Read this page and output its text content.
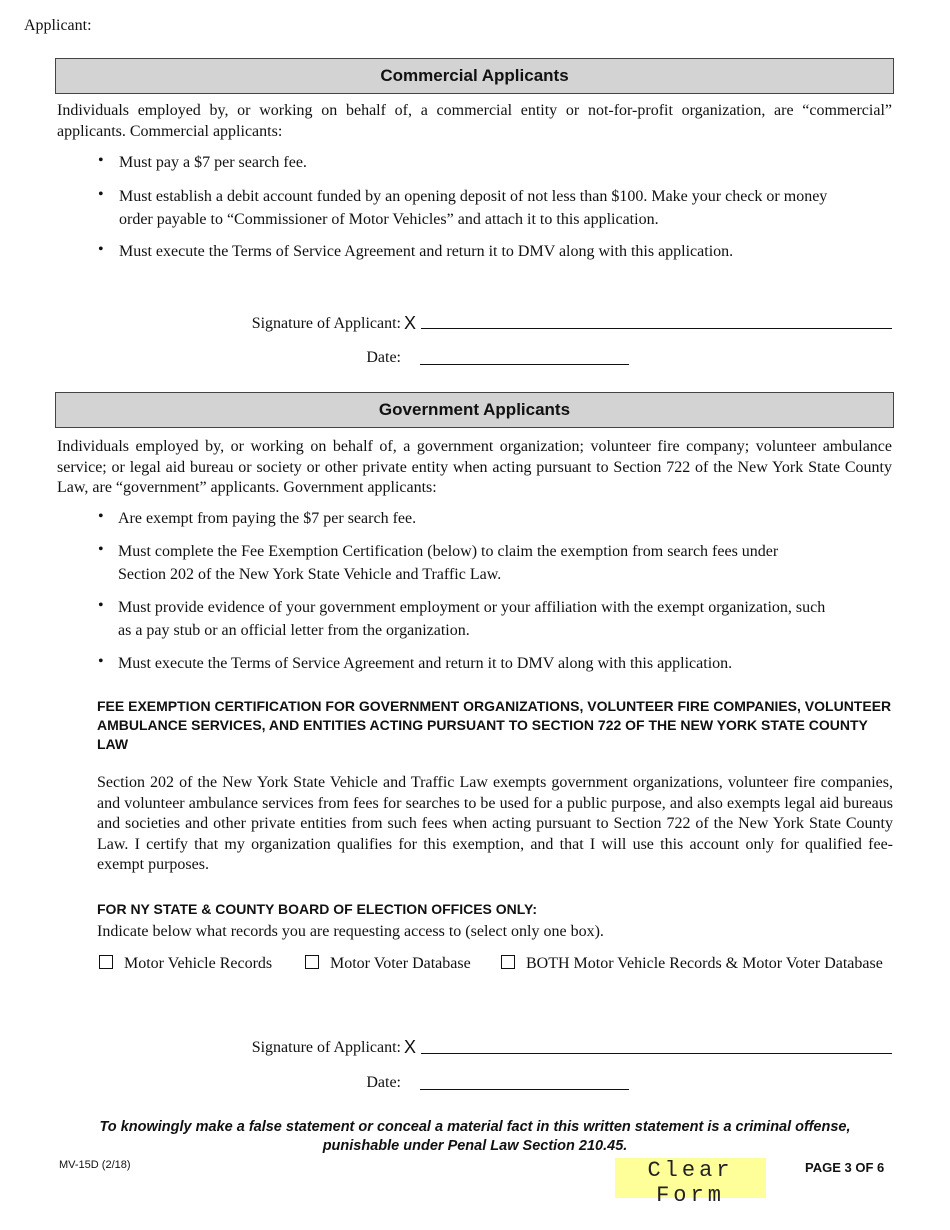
Applicant:
Commercial Applicants
Individuals employed by, or working on behalf of, a commercial entity or not-for-profit organization, are “commercial” applicants. Commercial applicants:
• Must pay a $7 per search fee.
• Must establish a debit account funded by an opening deposit of not less than $100. Make your check or money
order payable to “Commissioner of Motor Vehicles” and attach it to this application.
• Must execute the Terms of Service Agreement and return it to DMV along with this application.
Signature of Applicant: X
Date:
Government Applicants
Individuals employed by, or working on behalf of, a government organization; volunteer fire company; volunteer ambulance service; or legal aid bureau or society or other private entity when acting pursuant to Section 722 of the New York State County Law, are “government” applicants. Government applicants:
• Are exempt from paying the $7 per search fee.
• Must complete the Fee Exemption Certification (below) to claim the exemption from search fees under
Section 202 of the New York State Vehicle and Traffic Law.
• Must provide evidence of your government employment or your affiliation with the exempt organization, such
as a pay stub or an official letter from the organization.
• Must execute the Terms of Service Agreement and return it to DMV along with this application.
FEE EXEMPTION CERTIFICATION FOR GOVERNMENT ORGANIZATIONS, VOLUNTEER FIRE COMPANIES, VOLUNTEER AMBULANCE SERVICES, AND ENTITIES ACTING PURSUANT TO SECTION 722 OF THE NEW YORK STATE COUNTY LAW
Section 202 of the New York State Vehicle and Traffic Law exempts government organizations, volunteer fire companies, and volunteer ambulance services from fees for searches to be used for a public purpose, and also exempts legal aid bureaus and societies and other private entities from such fees when acting pursuant to Section 722 of the New York State County Law. I certify that my organization qualifies for this exemption, and that I will use this account only for qualified fee-exempt purposes.
FOR NY STATE & COUNTY BOARD OF ELECTION OFFICES ONLY:
Indicate below what records you are requesting access to (select only one box).
Motor Vehicle Records	Motor Voter Database	BOTH Motor Vehicle Records & Motor Voter Database
Signature of Applicant: X
Date:
To knowingly make a false statement or conceal a material fact in this written statement is a criminal offense,
punishable under Penal Law Section 210.45.
MV-15D (2/18)	Clear Form
PAGE 3 OF 6
